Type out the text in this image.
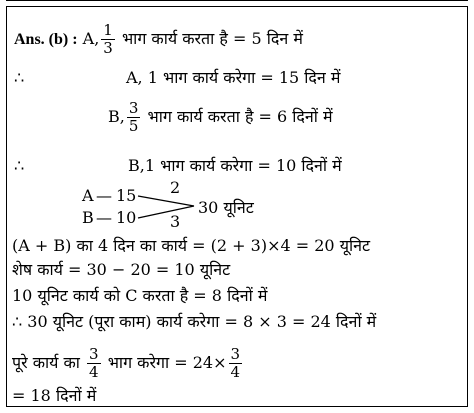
Ans. (b) : A, $\frac{1}{3}$ भाग कार्य करता है = 5 दिन में
∴	A, 1 भाग कार्य करेगा = 15 दिन में
B, $\frac{3}{5}$ भाग कार्य करता है = 6 दिनों में
∴	B,1 भाग कार्य करेगा = 10 दिनों में
A — 15
B — 10
2
3
30 यूनिट
(A + B) का 4 दिन का कार्य = (2 + 3)×4 = 20 यूनिट
शेष कार्य = 30 − 20 = 10 यूनिट
10 यूनिट कार्य को C करता है = 8 दिनों में
∴ 30 यूनिट (पूरा काम) कार्य करेगा = 8 × 3 = 24 दिनों में
पूरे कार्य का $\frac{3}{4}$ भाग करेगा = $24\times \frac{3}{4}$
= 18 दिनों में
